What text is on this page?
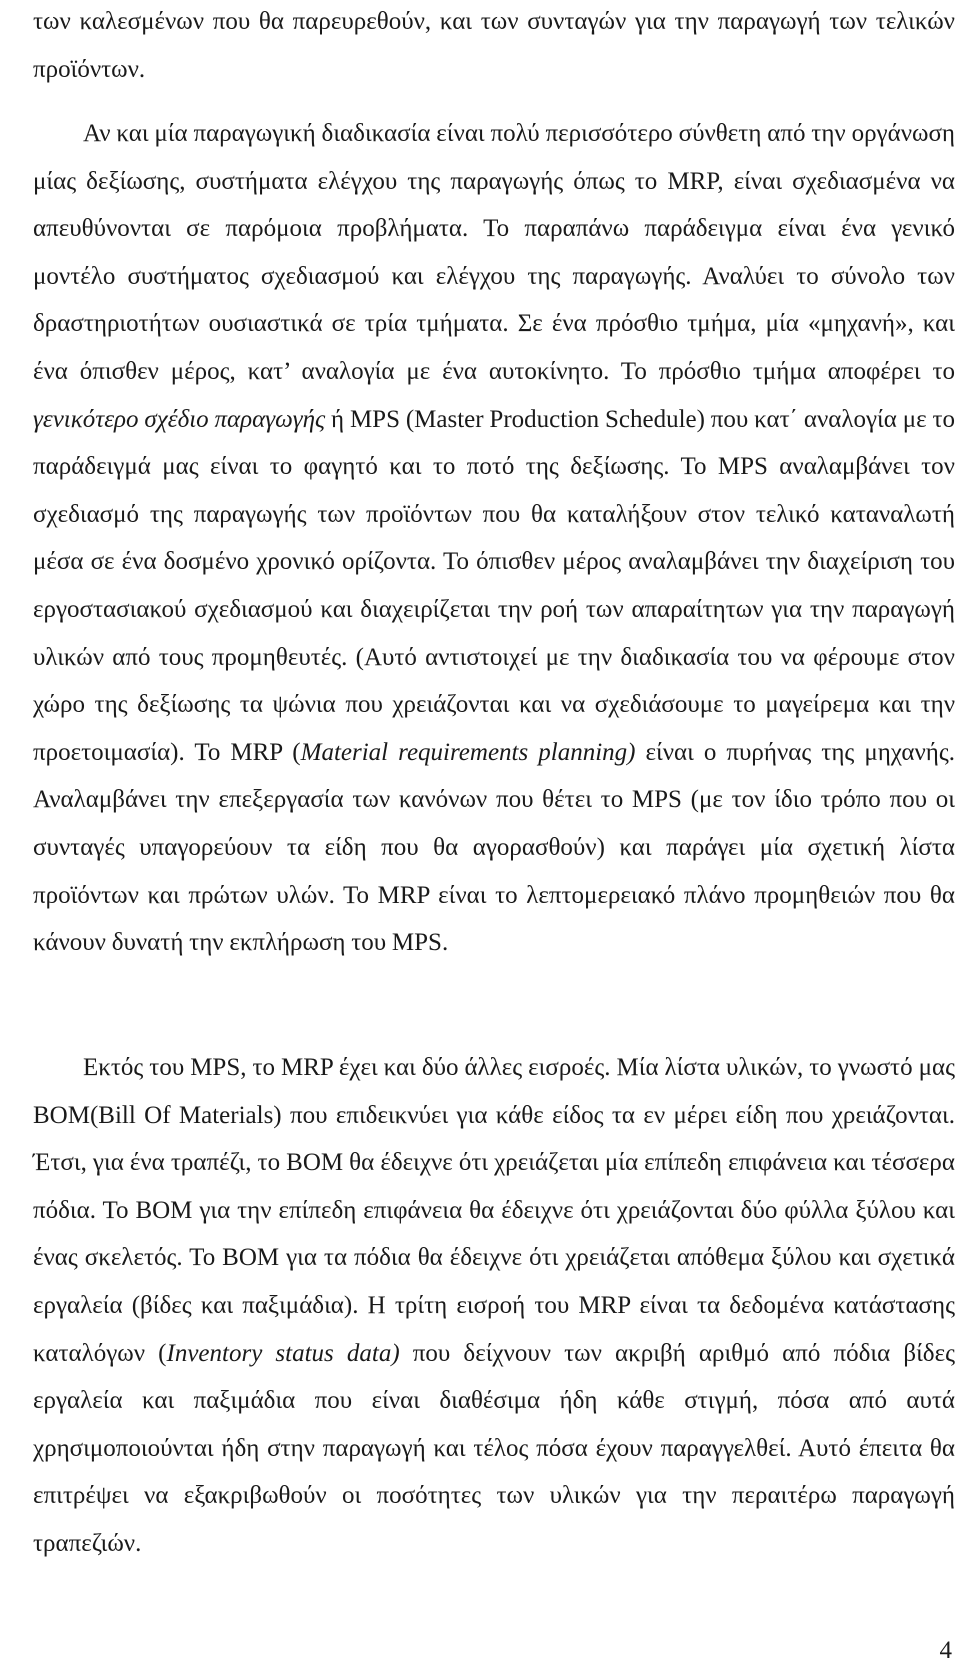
των καλεσμένων που θα παρευρεθούν, και των συνταγών για την παραγωγή των τελικών προϊόντων.

Αν και μία παραγωγική διαδικασία είναι πολύ περισσότερο σύνθετη από την οργάνωση μίας δεξίωσης, συστήματα ελέγχου της παραγωγής όπως το MRP, είναι σχεδιασμένα να απευθύνονται σε παρόμοια προβλήματα. Το παραπάνω παράδειγμα είναι ένα γενικό μοντέλο συστήματος σχεδιασμού και ελέγχου της παραγωγής. Αναλύει το σύνολο των δραστηριοτήτων ουσιαστικά σε τρία τμήματα. Σε ένα πρόσθιο τμήμα, μία «μηχανή», και ένα όπισθεν μέρος, κατ’ αναλογία με ένα αυτοκίνητο. Το πρόσθιο τμήμα αποφέρει το γενικότερο σχέδιο παραγωγής ή MPS (Master Production Schedule) που κατ΄ αναλογία με το παράδειγμά μας είναι το φαγητό και το ποτό της δεξίωσης. Το MPS αναλαμβάνει τον σχεδιασμό της παραγωγής των προϊόντων που θα καταλήξουν στον τελικό καταναλωτή μέσα σε ένα δοσμένο χρονικό ορίζοντα. Το όπισθεν μέρος αναλαμβάνει την διαχείριση του εργοστασιακού σχεδιασμού και διαχειρίζεται την ροή των απαραίτητων για την παραγωγή υλικών από τους προμηθευτές. (Αυτό αντιστοιχεί με την διαδικασία του να φέρουμε στον χώρο της δεξίωσης τα ψώνια που χρειάζονται και να σχεδιάσουμε το μαγείρεμα και την προετοιμασία). Το MRP (Material requirements planning) είναι ο πυρήνας της μηχανής. Αναλαμβάνει την επεξεργασία των κανόνων που θέτει το MPS (με τον ίδιο τρόπο που οι συνταγές υπαγορεύουν τα είδη που θα αγορασθούν) και παράγει μία σχετική λίστα προϊόντων και πρώτων υλών. Το MRP είναι το λεπτομερειακό πλάνο προμηθειών που θα κάνουν δυνατή την εκπλήρωση του MPS.

Εκτός του MPS, το MRP έχει και δύο άλλες εισροές. Μία λίστα υλικών, το γνωστό μας BOM(Bill Of Materials) που επιδεικνύει για κάθε είδος τα εν μέρει είδη που χρειάζονται. Έτσι, για ένα τραπέζι, το BOM θα έδειχνε ότι χρειάζεται μία επίπεδη επιφάνεια και τέσσερα πόδια. Το BOM για την επίπεδη επιφάνεια θα έδειχνε ότι χρειάζονται δύο φύλλα ξύλου και ένας σκελετός. Το BOM για τα πόδια θα έδειχνε ότι χρειάζεται απόθεμα ξύλου και σχετικά εργαλεία (βίδες και παξιμάδια). Η τρίτη εισροή του MRP είναι τα δεδομένα κατάστασης καταλόγων (Inventory status data) που δείχνουν των ακριβή αριθμό από πόδια βίδες εργαλεία και παξιμάδια που είναι διαθέσιμα ήδη κάθε στιγμή, πόσα από αυτά χρησιμοποιούνται ήδη στην παραγωγή και τέλος πόσα έχουν παραγγελθεί. Αυτό έπειτα θα επιτρέψει να εξακριβωθούν οι ποσότητες των υλικών για την περαιτέρω παραγωγή τραπεζιών.

4
